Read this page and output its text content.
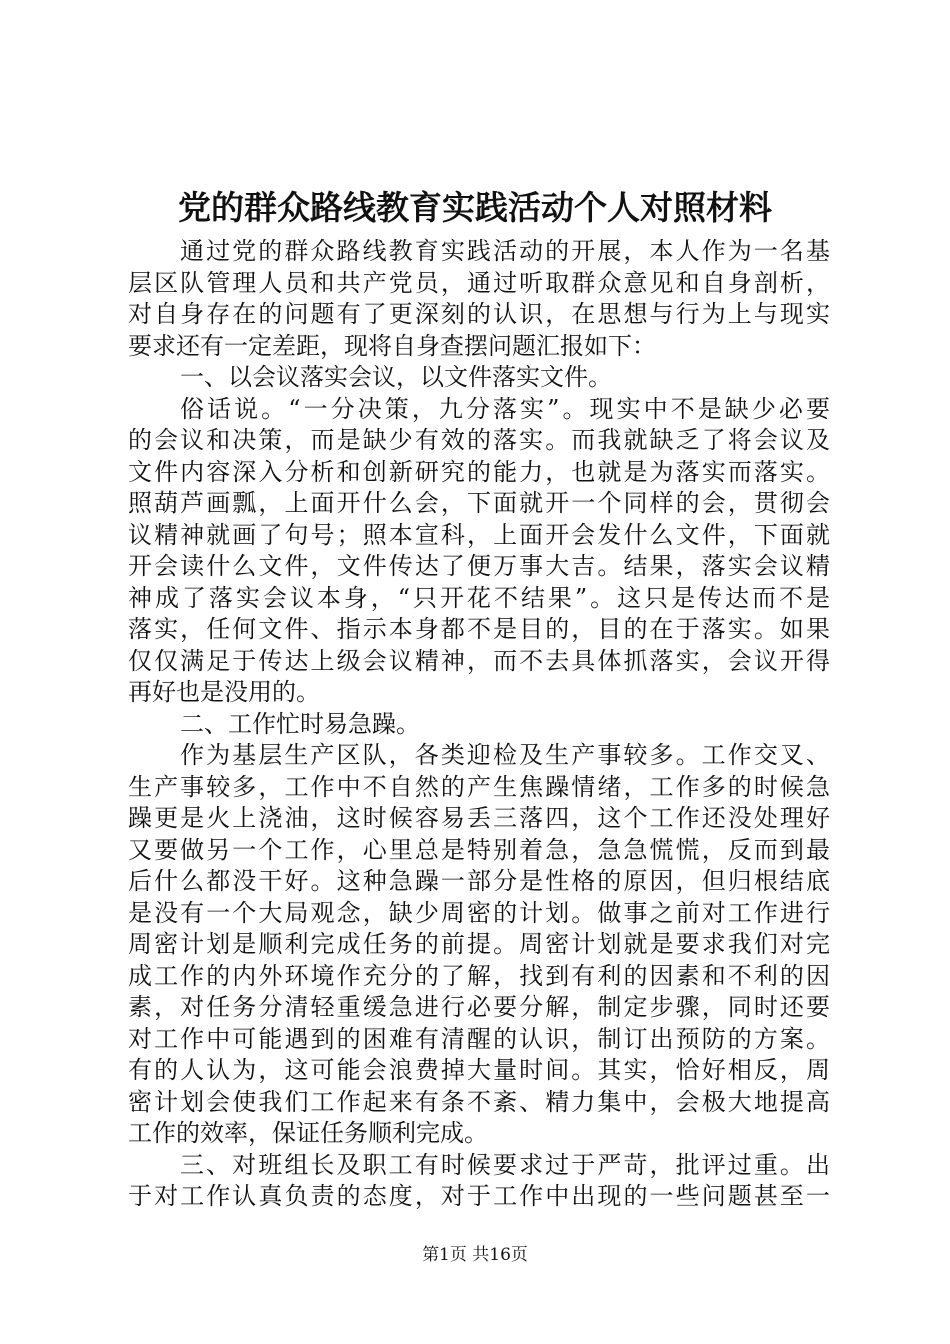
党的群众路线教育实践活动个人对照材料
通过党的群众路线教育实践活动的开展，本人作为一名基
层区队管理人员和共产党员，通过听取群众意见和自身剖析，
对自身存在的问题有了更深刻的认识，在思想与行为上与现实
要求还有一定差距，现将自身查摆问题汇报如下：
一、以会议落实会议，以文件落实文件。
俗话说。“一分决策，九分落实”。现实中不是缺少必要
的会议和决策，而是缺少有效的落实。而我就缺乏了将会议及
文件内容深入分析和创新研究的能力，也就是为落实而落实。
照葫芦画瓢，上面开什么会，下面就开一个同样的会，贯彻会
议精神就画了句号；照本宣科，上面开会发什么文件，下面就
开会读什么文件，文件传达了便万事大吉。结果，落实会议精
神成了落实会议本身，“只开花不结果”。这只是传达而不是
落实，任何文件、指示本身都不是目的，目的在于落实。如果
仅仅满足于传达上级会议精神，而不去具体抓落实，会议开得
再好也是没用的。
二、工作忙时易急躁。
作为基层生产区队，各类迎检及生产事较多。工作交叉、
生产事较多，工作中不自然的产生焦躁情绪，工作多的时候急
躁更是火上浇油，这时候容易丢三落四，这个工作还没处理好
又要做另一个工作，心里总是特别着急，急急慌慌，反而到最
后什么都没干好。这种急躁一部分是性格的原因，但归根结底
是没有一个大局观念，缺少周密的计划。做事之前对工作进行
周密计划是顺利完成任务的前提。周密计划就是要求我们对完
成工作的内外环境作充分的了解，找到有利的因素和不利的因
素，对任务分清轻重缓急进行必要分解，制定步骤，同时还要
对工作中可能遇到的困难有清醒的认识，制订出预防的方案。
有的人认为，这可能会浪费掉大量时间。其实，恰好相反，周
密计划会使我们工作起来有条不紊、精力集中，会极大地提高
工作的效率，保证任务顺利完成。
三、对班组长及职工有时候要求过于严苛，批评过重。出
于对工作认真负责的态度，对于工作中出现的一些问题甚至一
第1页 共16页
